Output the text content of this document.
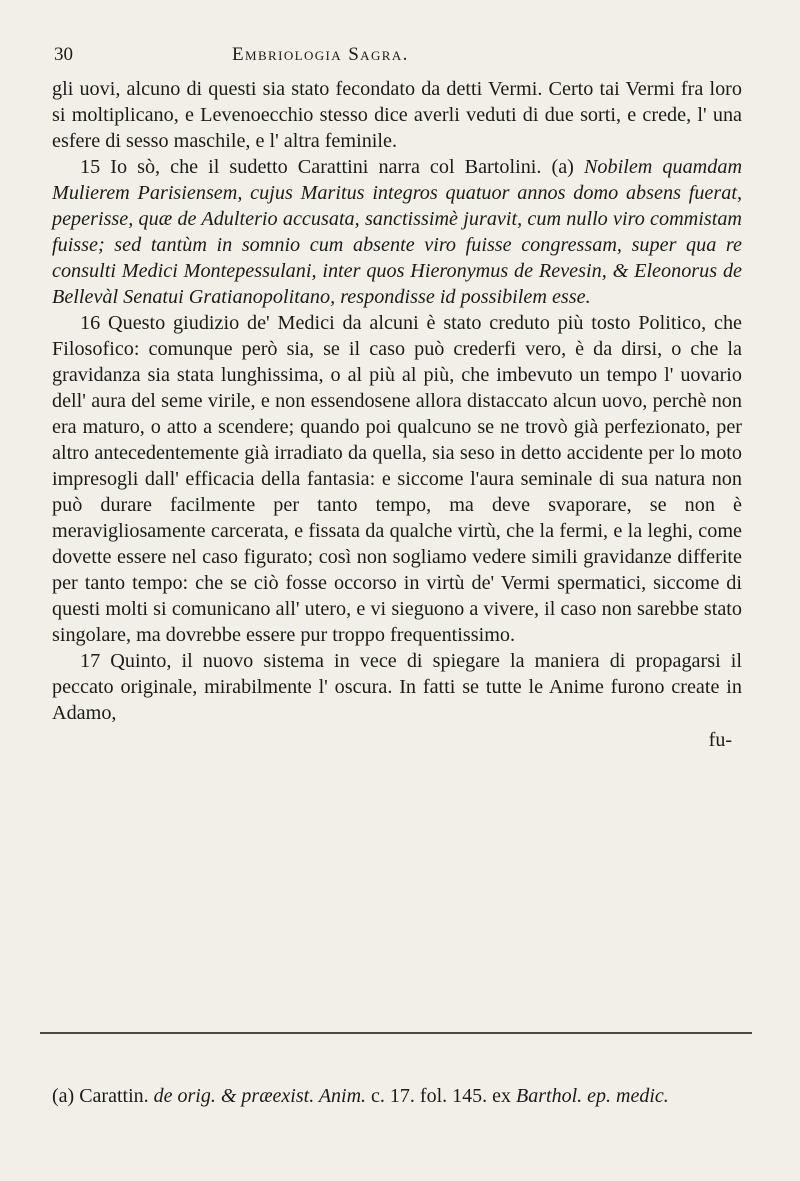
30	Embriologia Sagra.

gli uovi, alcuno di questi sia stato fecondato da detti Vermi. Certo tai Vermi fra loro si moltiplicano, e Levenoecchio stesso dice averli veduti di due sorti, e crede, l' una esfere di sesso maschile, e l' altra feminile.

15 Io sò, che il sudetto Carattini narra col Bartolini. (a) Nobilem quamdam Mulierem Parisiensem, cujus Maritus integros quatuor annos domo absens fuerat, peperisse, quæ de Adulterio accusata, sanctissimè juravit, cum nullo viro commistam fuisse; sed tantùm in somnio cum absente viro fuisse congressam, super qua re consulti Medici Montepessulani, inter quos Hieronymus de Revesin, & Eleonorus de Bellevàl Senatui Gratianopolitano, respondisse id possibilem esse.

16 Questo giudizio de' Medici da alcuni è stato creduto più tosto Politico, che Filosofico: comunque però sia, se il caso può crederfi vero, è da dirsi, o che la gravidanza sia stata lunghissima, o al più al più, che imbevuto un tempo l' uovario dell' aura del seme virile, e non essendosene allora distaccato alcun uovo, perchè non era maturo, o atto a scendere; quando poi qualcuno se ne trovò già perfezionato, per altro antecedentemente già irradiato da quella, sia seso in detto accidente per lo moto impresogli dall' efficacia della fantasia: e siccome l'aura seminale di sua natura non può durare facilmente per tanto tempo, ma deve svaporare, se non è meravigliosamente carcerata, e fissata da qualche virtù, che la fermi, e la leghi, come dovette essere nel caso figurato; così non sogliamo vedere simili gravidanze differite per tanto tempo: che se ciò fosse occorso in virtù de' Vermi spermatici, siccome di questi molti si comunicano all' utero, e vi sieguono a vivere, il caso non sarebbe stato singolare, ma dovrebbe essere pur troppo frequentissimo.

17 Quinto, il nuovo sistema in vece di spiegare la maniera di propagarsi il peccato originale, mirabilmente l' oscura. In fatti se tutte le Anime furono create in Adamo,

fu-
(a) Carattin. de orig. & præexist. Anim. c. 17. fol. 145. ex Barthol. ep. medic.
